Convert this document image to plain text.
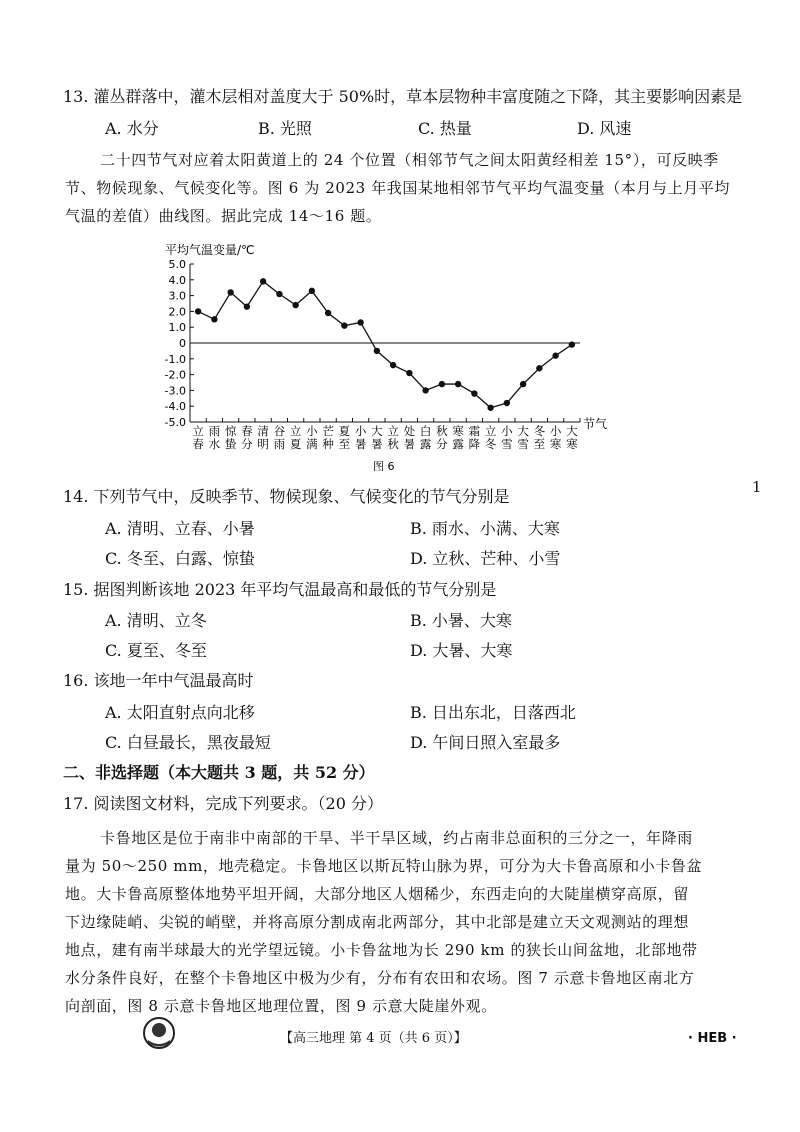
13. 灌丛群落中，灌木层相对盖度大于 50%时，草本层物种丰富度随之下降，其主要影响因素是
A. 水分	B. 光照	C. 热量	D. 风速
二十四节气对应着太阳黄道上的 24 个位置（相邻节气之间太阳黄经相差 15°），可反映季
节、物候现象、气候变化等。图 6 为 2023 年我国某地相邻节气平均气温变量（本月与上月平均
气温的差值）曲线图。据此完成 14～16 题。
平均气温变量/℃
5.0
4.0
3.0
2.0
1.0
0
-1.0
-2.0
-3.0
-4.0
-5.0
立春
雨水
惊蛰
春分
清明
谷雨
立夏
小满
芒种
夏至
小暑
大暑
立秋
处暑
白露
秋分
寒露
霜降
立冬
小雪
大雪
冬至
小寒
大寒
节气
图 6
14. 下列节气中，反映季节、物候现象、气候变化的节气分别是
A. 清明、立春、小暑	B. 雨水、小满、大寒
C. 冬至、白露、惊蛰	D. 立秋、芒种、小雪
15. 据图判断该地 2023 年平均气温最高和最低的节气分别是
A. 清明、立冬	B. 小暑、大寒
C. 夏至、冬至	D. 大暑、大寒
16. 该地一年中气温最高时
A. 太阳直射点向北移	B. 日出东北，日落西北
C. 白昼最长，黑夜最短	D. 午间日照入室最多
二、非选择题（本大题共 3 题，共 52 分）
17. 阅读图文材料，完成下列要求。（20 分）
卡鲁地区是位于南非中南部的干旱、半干旱区域，约占南非总面积的三分之一，年降雨
量为 50～250 mm，地壳稳定。卡鲁地区以斯瓦特山脉为界，可分为大卡鲁高原和小卡鲁盆
地。大卡鲁高原整体地势平坦开阔，大部分地区人烟稀少，东西走向的大陡崖横穿高原，留
下边缘陡峭、尖锐的峭壁，并将高原分割成南北两部分，其中北部是建立天文观测站的理想
地点，建有南半球最大的光学望远镜。小卡鲁盆地为长 290 km 的狭长山间盆地，北部地带
水分条件良好，在整个卡鲁地区中极为少有，分布有农田和农场。图 7 示意卡鲁地区南北方
向剖面，图 8 示意卡鲁地区地理位置，图 9 示意大陡崖外观。
1
【高三地理 第 4 页（共 6 页）】	· HEB ·
